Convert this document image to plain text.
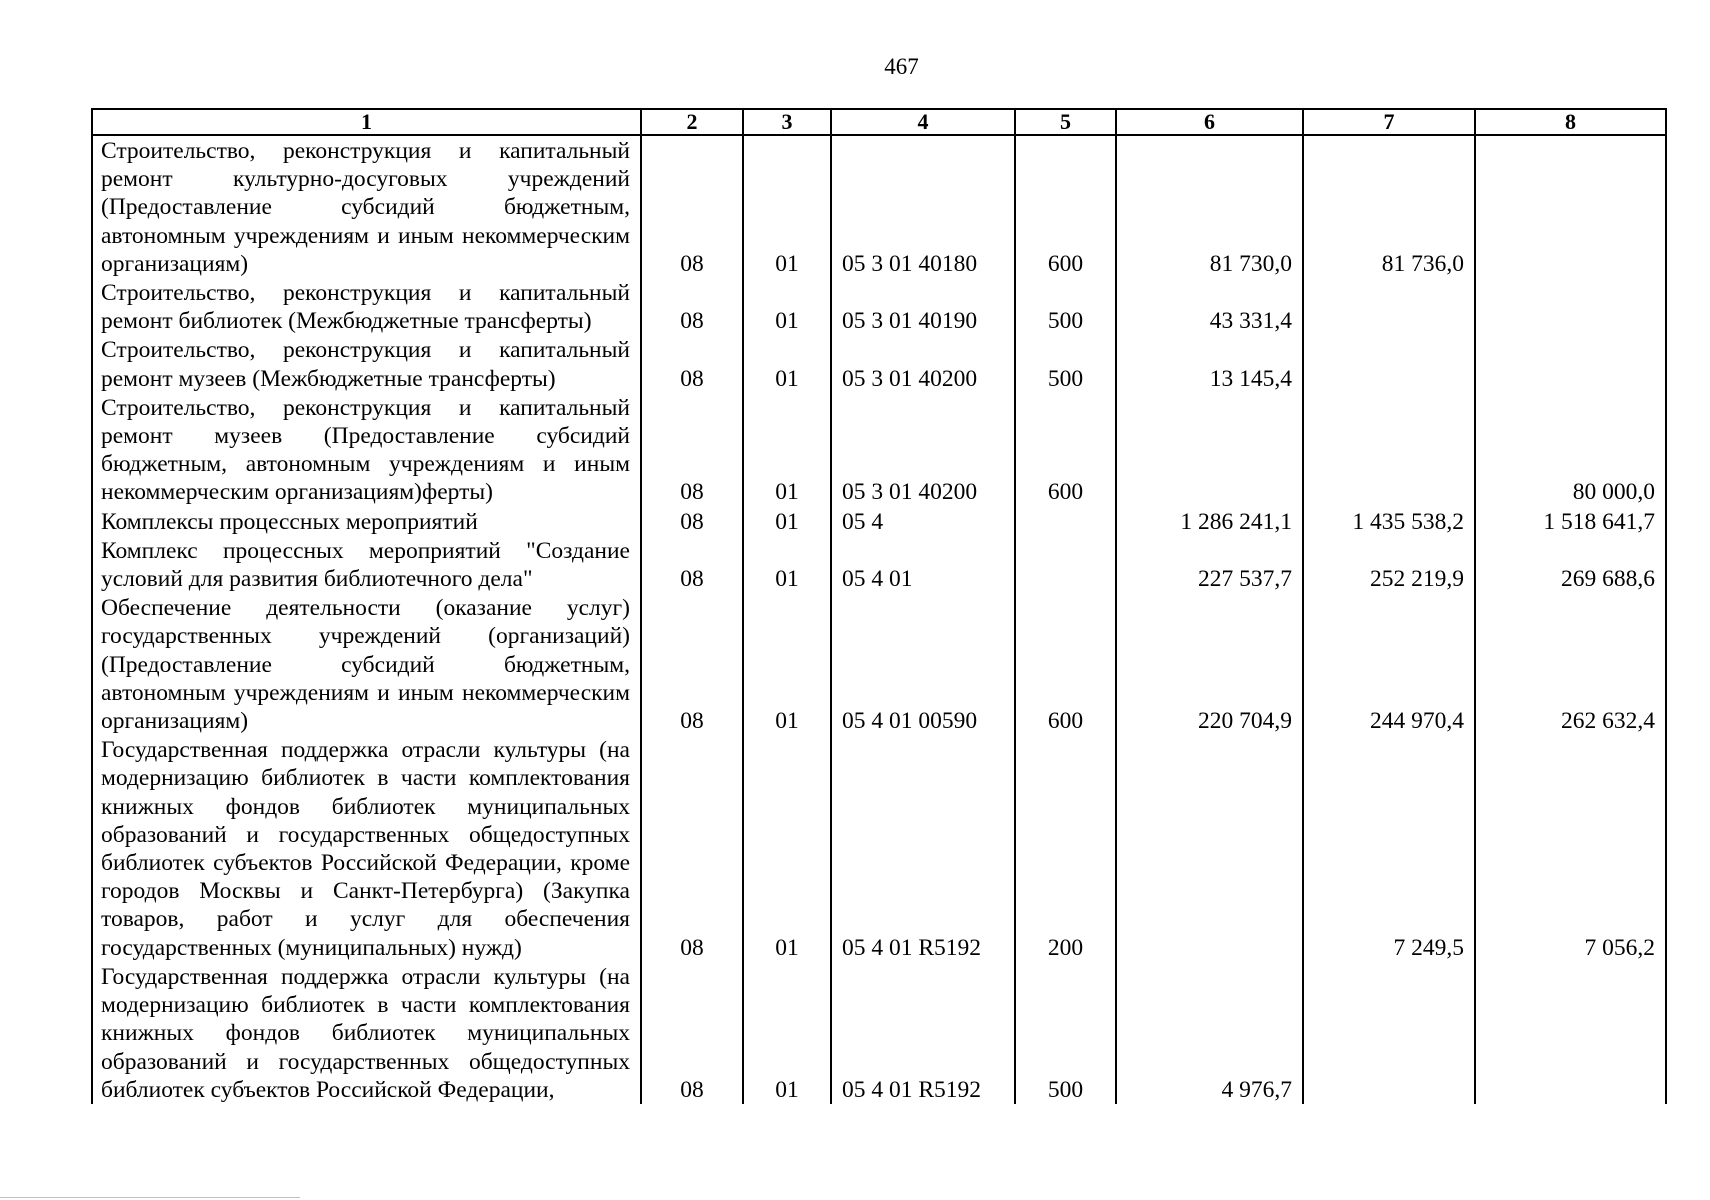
467
1	2	3	4	5	6	7	8
Строительство, реконструкция и капитальный ремонт культурно-досуговых учреждений (Предоставление субсидий бюджетным, автономным учреждениям и иным некоммерческим организациям)	08	01	05 3 01 40180	600	81 730,0	81 736,0	
Строительство, реконструкция и капитальный ремонт библиотек (Межбюджетные трансферты)	08	01	05 3 01 40190	500	43 331,4		
Строительство, реконструкция и капитальный ремонт музеев (Межбюджетные трансферты)	08	01	05 3 01 40200	500	13 145,4		
Строительство, реконструкция и капитальный ремонт музеев (Предоставление субсидий бюджетным, автономным учреждениям и иным некоммерческим организациям)ферты)	08	01	05 3 01 40200	600			80 000,0
Комплексы процессных мероприятий	08	01	05 4		1 286 241,1	1 435 538,2	1 518 641,7
Комплекс процессных мероприятий "Создание условий для развития библиотечного дела"	08	01	05 4 01		227 537,7	252 219,9	269 688,6
Обеспечение деятельности (оказание услуг) государственных учреждений (организаций) (Предоставление субсидий бюджетным, автономным учреждениям и иным некоммерческим организациям)	08	01	05 4 01 00590	600	220 704,9	244 970,4	262 632,4
Государственная поддержка отрасли культуры (на модернизацию библиотек в части комплектования книжных фондов библиотек муниципальных образований и государственных общедоступных библиотек субъектов Российской Федерации, кроме городов Москвы и Санкт-Петербурга) (Закупка товаров, работ и услуг для обеспечения государственных (муниципальных) нужд)	08	01	05 4 01 R5192	200		7 249,5	7 056,2
Государственная поддержка отрасли культуры (на модернизацию библиотек в части комплектования книжных фондов библиотек муниципальных образований и государственных общедоступных библиотек субъектов Российской Федерации,	08	01	05 4 01 R5192	500	4 976,7		
